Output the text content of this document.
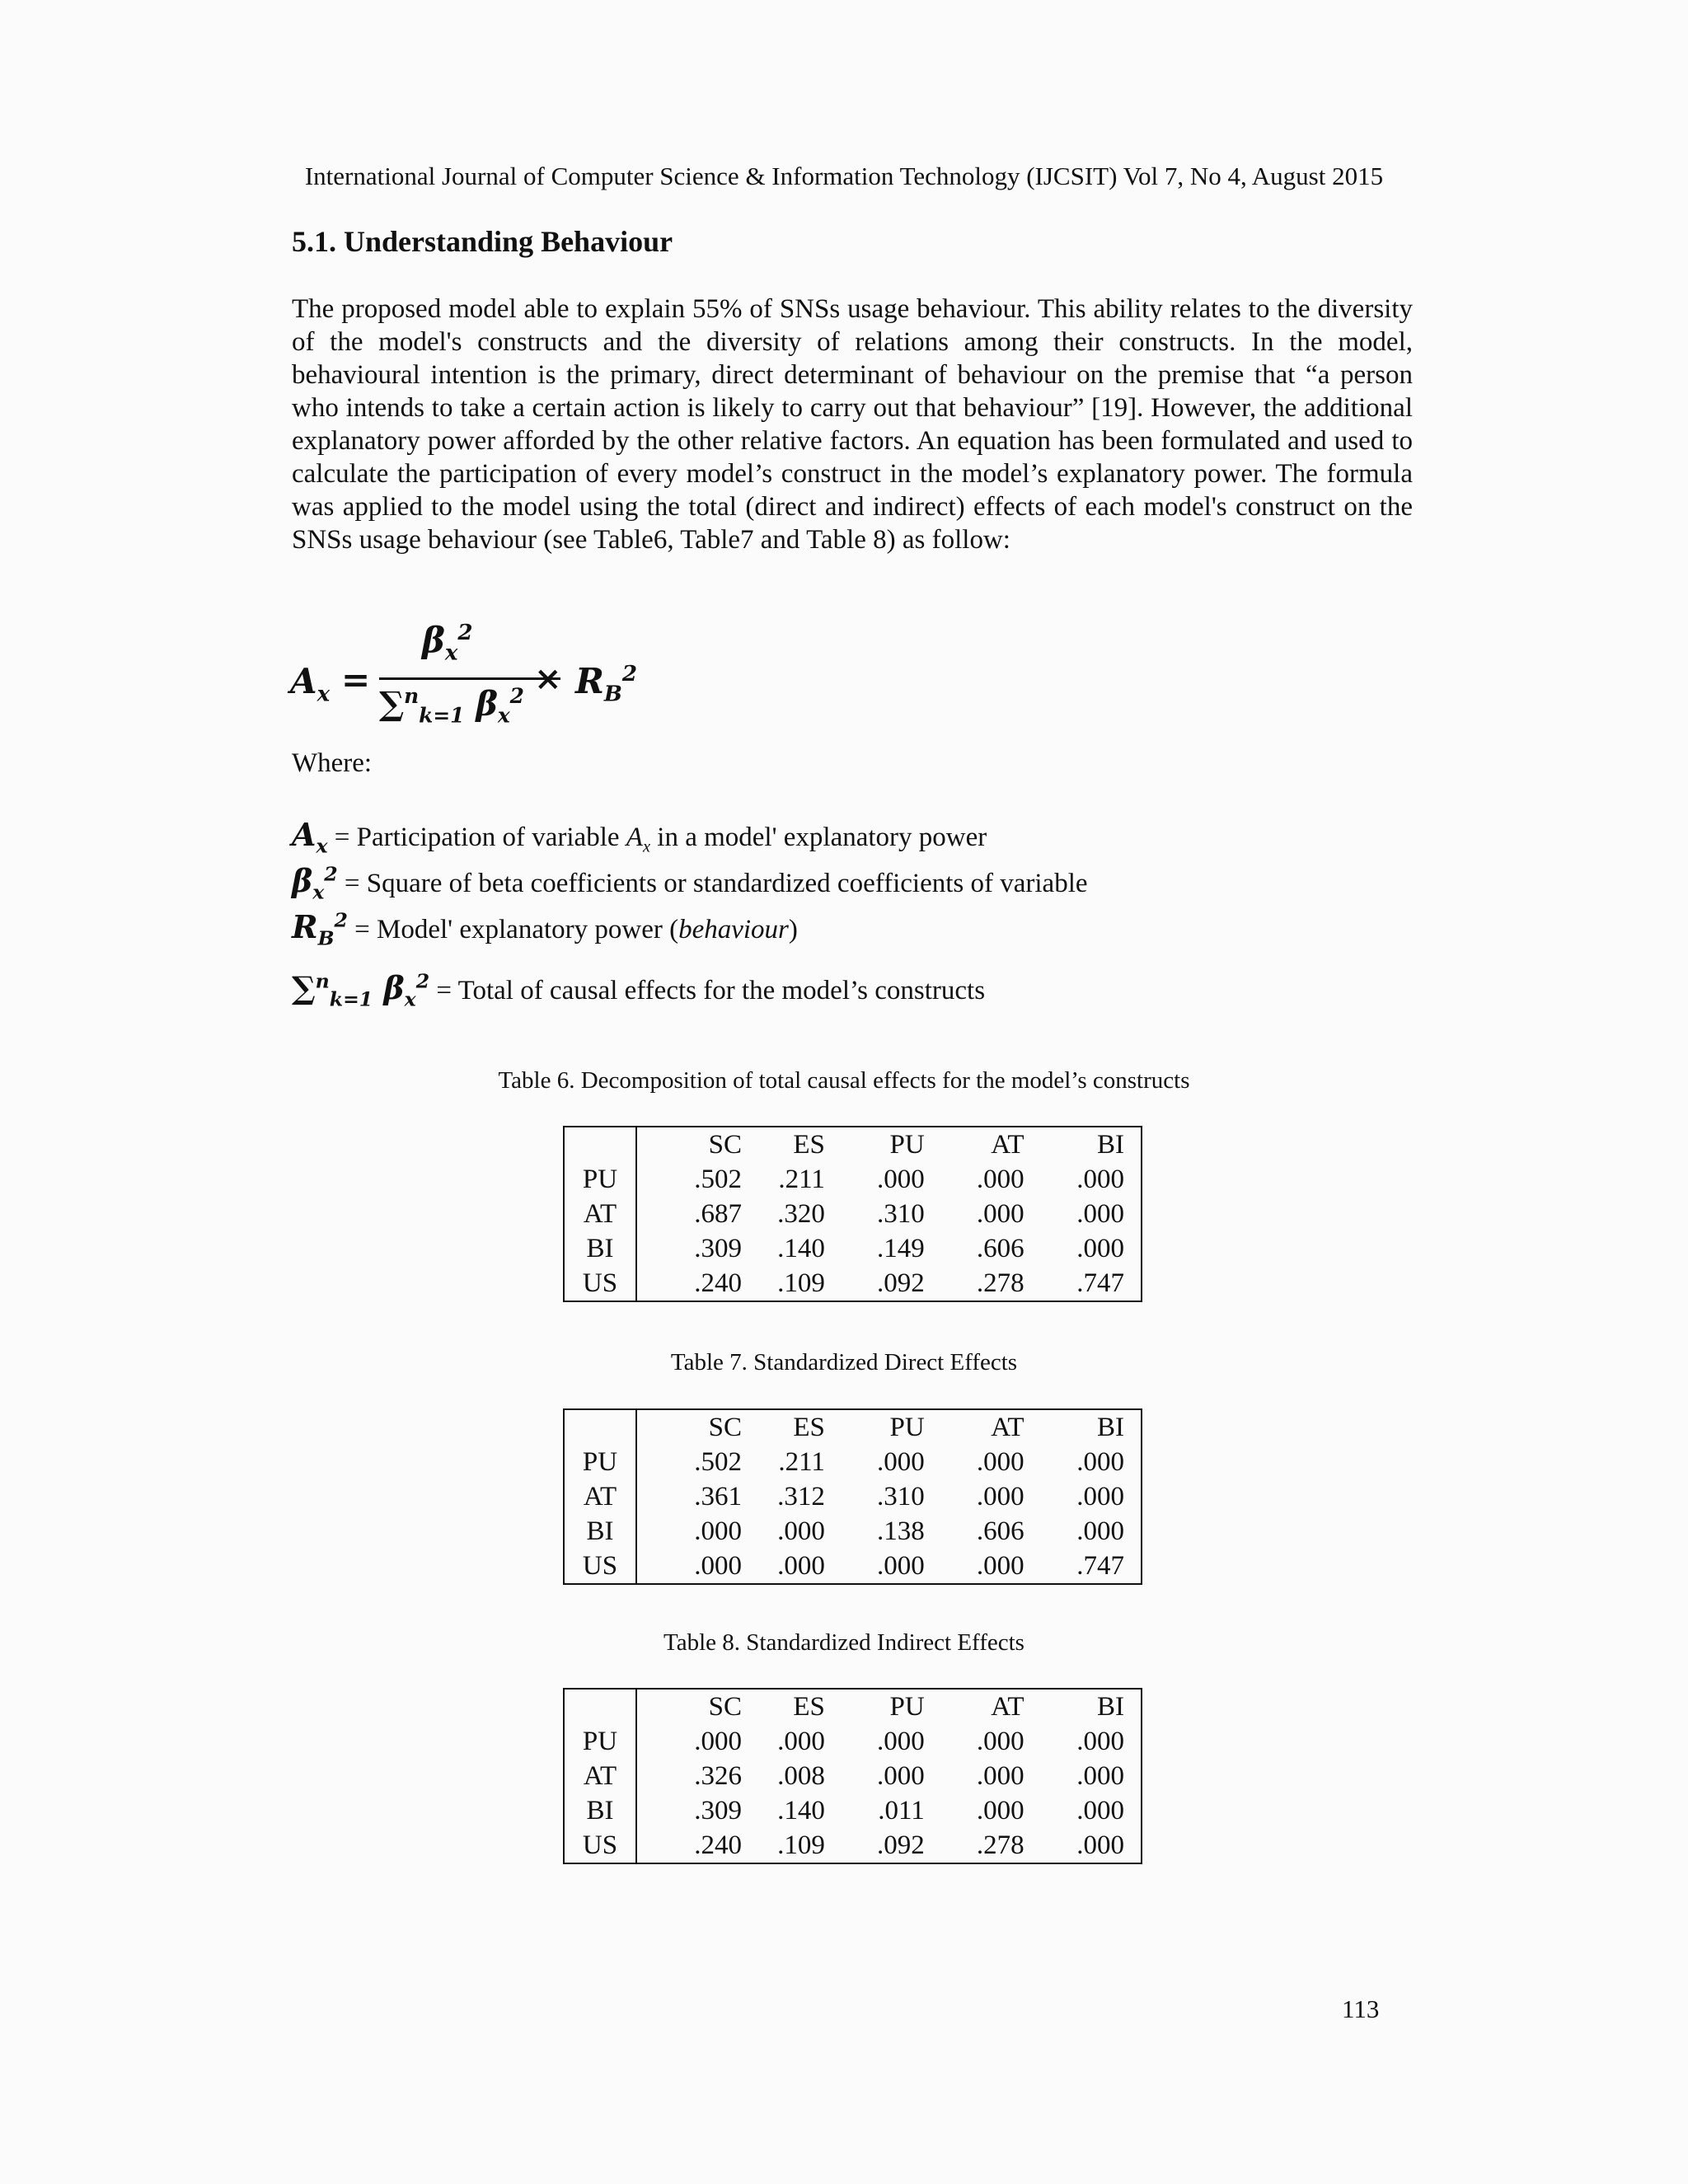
International Journal of Computer Science & Information Technology (IJCSIT) Vol 7, No 4, August 2015
5.1. Understanding Behaviour

The proposed model able to explain 55% of SNSs usage behaviour. This ability relates to the diversity of the model's constructs and the diversity of relations among their constructs. In the model, behavioural intention is the primary, direct determinant of behaviour on the premise that “a person who intends to take a certain action is likely to carry out that behaviour” [19]. However, the additional explanatory power afforded by the other relative factors. An equation has been formulated and used to calculate the participation of every model’s construct in the model’s explanatory power. The formula was applied to the model using the total (direct and indirect) effects of each model's construct on the SNSs usage behaviour (see Table6, Table7 and Table 8) as follow:

$A_x$ =
$\beta_x^2$
∑$^n_{k=1}$ $\beta_x^2 \times R_B^2$
Where:
$A_x$ = Participation of variable $A_x$ in a model' explanatory power
$\beta_x^2$ = Square of beta coefficients or standardized coefficients of variable
$R_B^2$ = Model' explanatory power (behaviour)
∑$^n_{k=1}$ $\beta_x^2$ = Total of causal effects for the model’s constructs
Table 6. Decomposition of total causal effects for the model’s constructs
	SC	ES	PU	AT	BI
PU	.502	.211	.000	.000	.000
AT	.687	.320	.310	.000	.000
BI	.309	.140	.149	.606	.000
US	.240	.109	.092	.278	.747
Table 7. Standardized Direct Effects
	SC	ES	PU	AT	BI
PU	.502	.211	.000	.000	.000
AT	.361	.312	.310	.000	.000
BI	.000	.000	.138	.606	.000
US	.000	.000	.000	.000	.747
Table 8. Standardized Indirect Effects
	SC	ES	PU	AT	BI
PU	.000	.000	.000	.000	.000
AT	.326	.008	.000	.000	.000
BI	.309	.140	.011	.000	.000
US	.240	.109	.092	.278	.000
113
